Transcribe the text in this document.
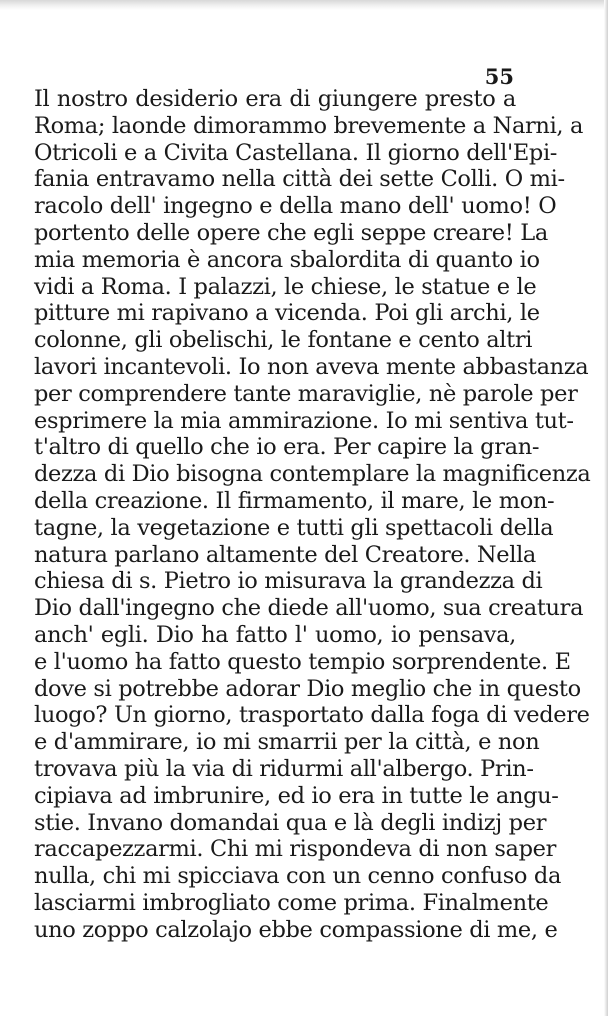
55
Il nostro desiderio era di giungere presto a
Roma; laonde dimorammo brevemente a Narni, a
Otricoli e a Civita Castellana. Il giorno dell'Epi-
fania entravamo nella città dei sette Colli. O mi-
racolo dell' ingegno e della mano dell' uomo! O
portento delle opere che egli seppe creare! La
mia memoria è ancora sbalordita di quanto io
vidi a Roma. I palazzi, le chiese, le statue e le
pitture mi rapivano a vicenda. Poi gli archi, le
colonne, gli obelischi, le fontane e cento altri
lavori incantevoli. Io non aveva mente abbastanza
per comprendere tante maraviglie, nè parole per
esprimere la mia ammirazione. Io mi sentiva tut-
t'altro di quello che io era. Per capire la gran-
dezza di Dio bisogna contemplare la magnificenza
della creazione. Il firmamento, il mare, le mon-
tagne, la vegetazione e tutti gli spettacoli della
natura parlano altamente del Creatore. Nella
chiesa di s. Pietro io misurava la grandezza di
Dio dall'ingegno che diede all'uomo, sua creatura
anch' egli. Dio ha fatto l' uomo, io pensava,
e l'uomo ha fatto questo tempio sorprendente. E
dove si potrebbe adorar Dio meglio che in questo
luogo? Un giorno, trasportato dalla foga di vedere
e d'ammirare, io mi smarrii per la città, e non
trovava più la via di ridurmi all'albergo. Prin-
cipiava ad imbrunire, ed io era in tutte le angu-
stie. Invano domandai qua e là degli indizj per
raccapezzarmi. Chi mi rispondeva di non saper
nulla, chi mi spicciava con un cenno confuso da
lasciarmi imbrogliato come prima. Finalmente
uno zoppo calzolajo ebbe compassione di me, e
